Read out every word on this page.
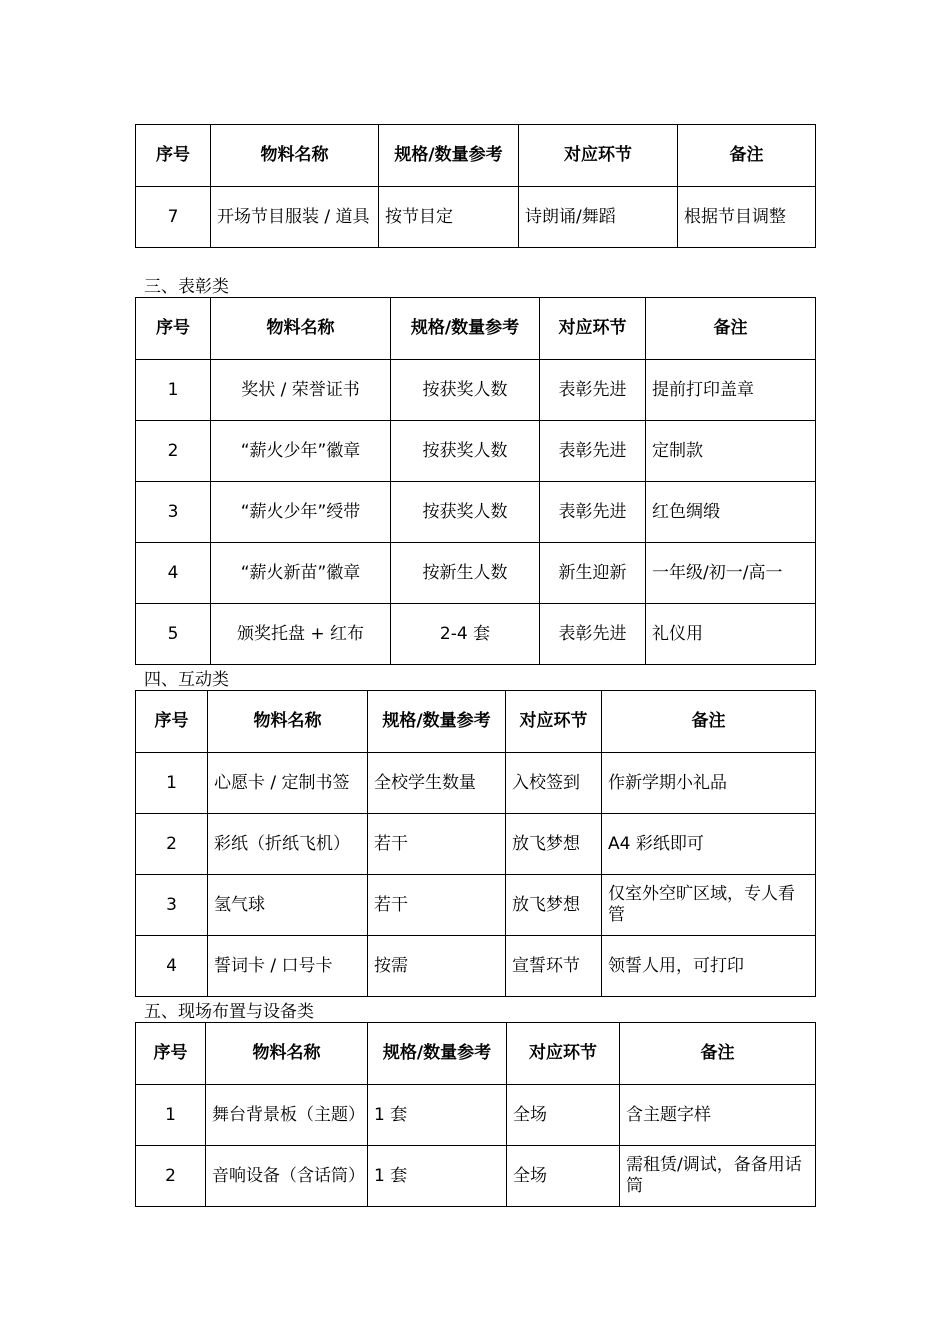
序号	物料名称	规格/数量参考	对应环节	备注
7	开场节目服装 / 道具	按节目定	诗朗诵/舞蹈	根据节目调整
三、表彰类
序号	物料名称	规格/数量参考	对应环节	备注
1	奖状 / 荣誉证书	按获奖人数	表彰先进	提前打印盖章
2	“薪火少年”徽章	按获奖人数	表彰先进	定制款
3	“薪火少年”绶带	按获奖人数	表彰先进	红色绸缎
4	“薪火新苗”徽章	按新生人数	新生迎新	一年级/初一/高一
5	颁奖托盘 + 红布	2-4 套	表彰先进	礼仪用
四、互动类
序号	物料名称	规格/数量参考	对应环节	备注
1	心愿卡 / 定制书签	全校学生数量	入校签到	作新学期小礼品
2	彩纸（折纸飞机）	若干	放飞梦想	A4 彩纸即可
3	氢气球	若干	放飞梦想	仅室外空旷区域，专人看管
4	誓词卡 / 口号卡	按需	宣誓环节	领誓人用，可打印
五、现场布置与设备类
序号	物料名称	规格/数量参考	对应环节	备注
1	舞台背景板（主题）	1 套	全场	含主题字样
2	音响设备（含话筒）	1 套	全场	需租赁/调试，备备用话筒
